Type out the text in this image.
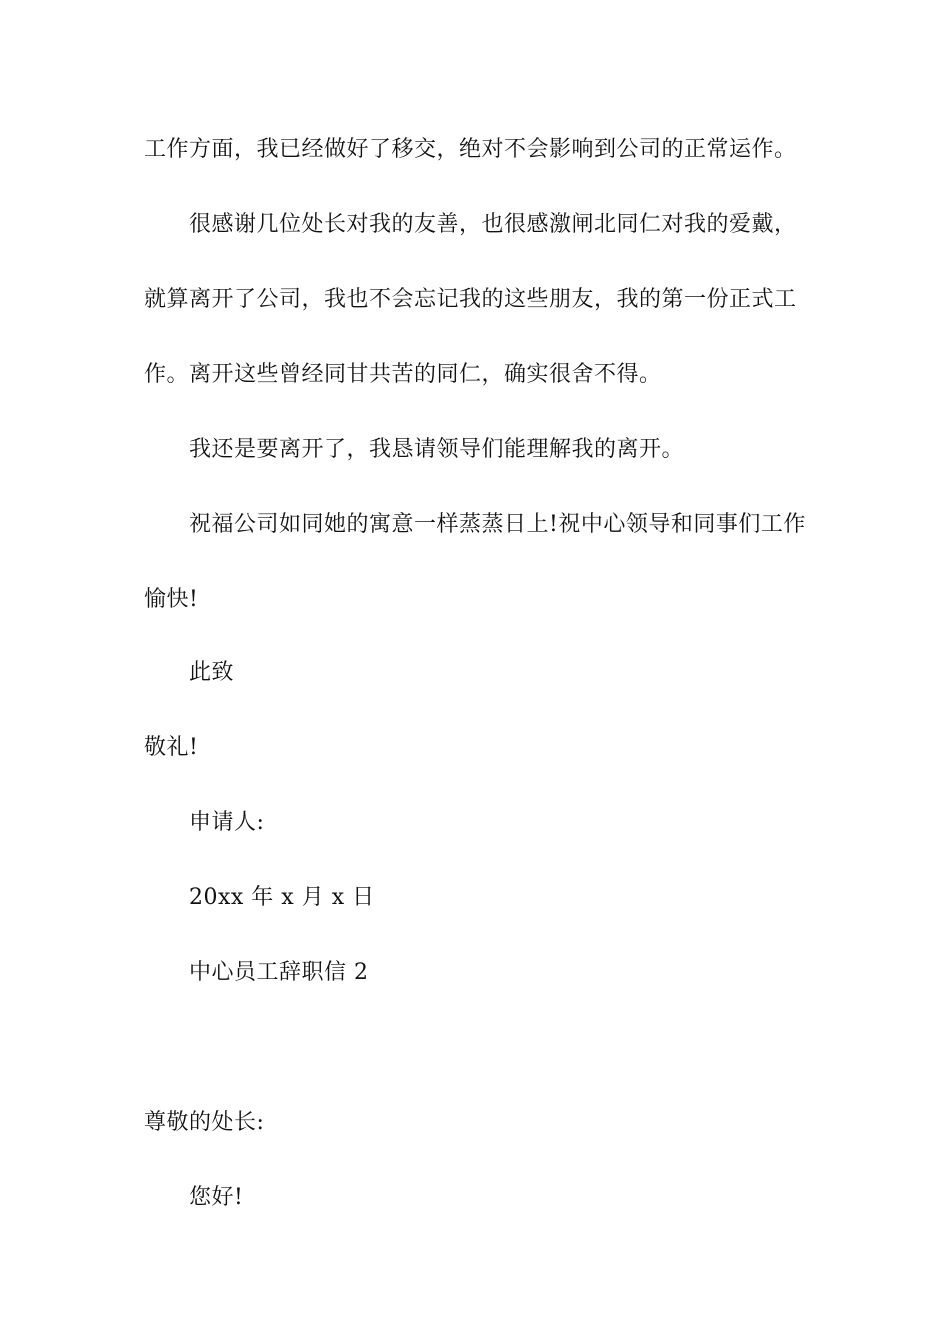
工作方面，我已经做好了移交，绝对不会影响到公司的正常运作。
很感谢几位处长对我的友善，也很感激闸北同仁对我的爱戴，
就算离开了公司，我也不会忘记我的这些朋友，我的第一份正式工
作。离开这些曾经同甘共苦的同仁，确实很舍不得。
我还是要离开了，我恳请领导们能理解我的离开。
祝福公司如同她的寓意一样蒸蒸日上!祝中心领导和同事们工作
愉快!
此致
敬礼!
申请人:
20xx 年 x 月 x 日
中心员工辞职信 2
尊敬的处长:
您好!
